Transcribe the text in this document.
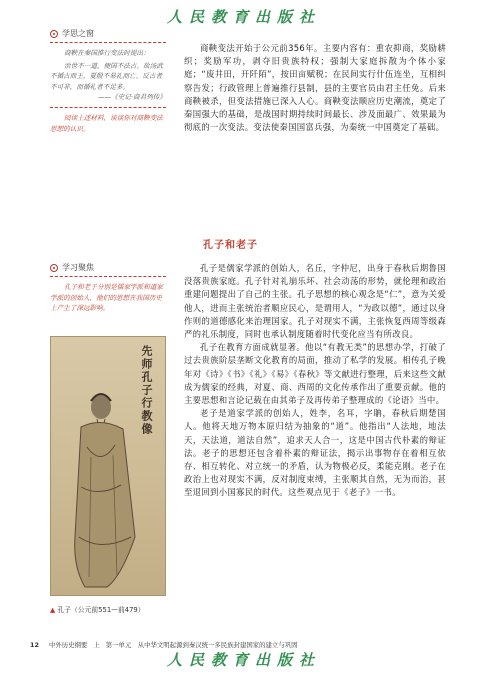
人民教育出版社
学思之窗
商鞅在秦国推行变法时提出：
治世不一道，便国不法古。故汤武不循古而王，夏殷不易礼而亡。反古者不可非，而循礼者不足多。
——《史记·商君列传》
阅读上述材料，谈谈你对商鞅变法思想的认识。
学习聚焦
孔子和老子分别是儒家学派和道家学派的创始人，他们的思想在我国历史上产生了深远影响。

商鞅变法开始于公元前356年。主要内容有：重农抑商，奖励耕织；奖励军功，剥夺旧贵族特权；强制大家庭拆散为个体小家庭；“废井田，开阡陌”，按田亩赋税；在民间实行什伍连坐，互相纠察告发；行政管理上普遍推行县制，县的主要官员由君主任免。后来商鞅被杀，但变法措施已深入人心。商鞅变法顺应历史潮流，奠定了秦国强大的基础，是战国时期持续时间最长、涉及面最广、效果最为彻底的一次变法。变法使秦国国富兵强，为秦统一中国奠定了基础。

孔子和老子

孔子是儒家学派的创始人，名丘，字仲尼，出身于春秋后期鲁国没落贵族家庭。孔子针对礼崩乐坏、社会动荡的形势，就伦理和政治重建问题提出了自己的主张。孔子思想的核心观念是“仁”，意为关爱他人，进而主张统治者顺应民心，是谓用人，“为政以德”，通过以身作则的道德感化来治理国家。孔子对现实不满，主张恢复西周等级森严的礼乐制度，同时也承认制度随着时代变化应当有所改良。

孔子在教育方面成就显著。他以“有教无类”的思想办学，打破了过去贵族阶层垄断文化教育的局面，推动了私学的发展。相传孔子晚年对《诗》《书》《礼》《易》《春秋》等文献进行整理，后来这些文献成为儒家的经典，对夏、商、西周的文化传承作出了重要贡献。他的主要思想和言论记载在由其弟子及再传弟子整理成的《论语》当中。

老子是道家学派的创始人，姓李，名耳，字聃，春秋后期楚国人。他将天地万物本原归结为抽象的“道”。他指出“人法地，地法天，天法道，道法自然”，追求天人合一，这是中国古代朴素的辩证法。老子的思想还包含着朴素的辩证法，揭示出事物存在着相互依存、相互转化、对立统一的矛盾，认为物极必反，柔能克刚。老子在政治上也对现实不满，反对制度束缚，主张顺其自然，无为而治，甚至退回到小国寡民的时代。这些观点见于《老子》一书。

先师孔子行教像
▲ 孔子（公元前551—前479）
12 中外历史纲要 上 第一单元　从中华文明起源到秦汉统一多民族封建国家的建立与巩固
人民教育出版社
